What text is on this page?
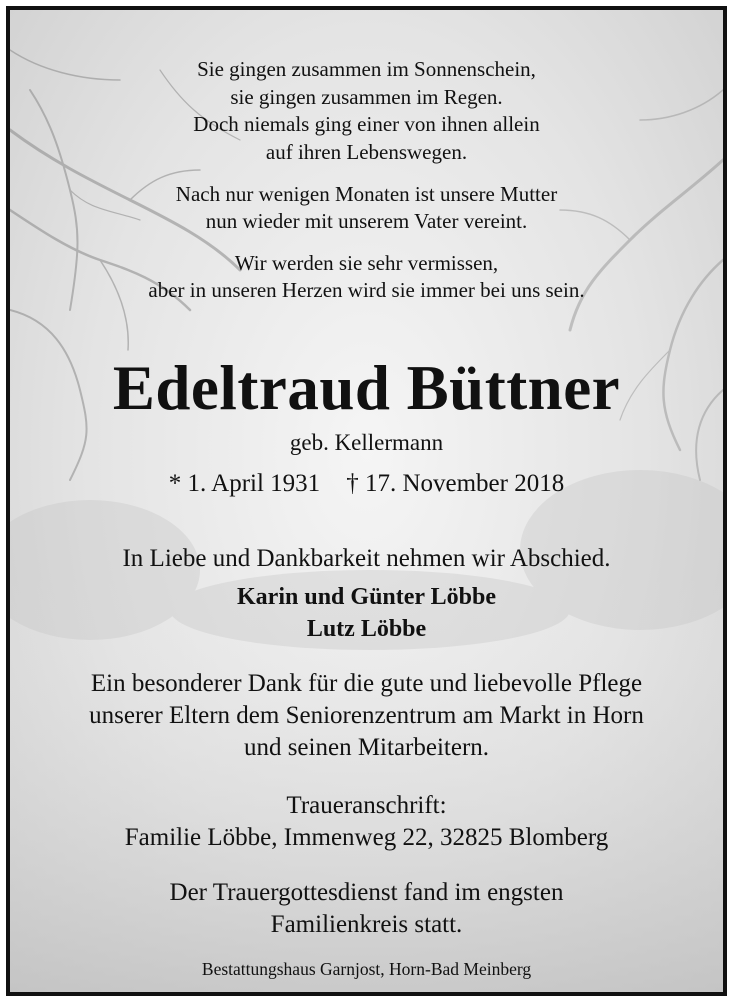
Sie gingen zusammen im Sonnenschein,
sie gingen zusammen im Regen.
Doch niemals ging einer von ihnen allein
auf ihren Lebenswegen.
Nach nur wenigen Monaten ist unsere Mutter
nun wieder mit unserem Vater vereint.
Wir werden sie sehr vermissen,
aber in unseren Herzen wird sie immer bei uns sein.
Edeltraud Büttner
geb. Kellermann
* 1. April 1931 † 17. November 2018
In Liebe und Dankbarkeit nehmen wir Abschied.
Karin und Günter Löbbe
Lutz Löbbe
Ein besonderer Dank für die gute und liebevolle Pflege
unserer Eltern dem Seniorenzentrum am Markt in Horn
und seinen Mitarbeitern.
Traueranschrift:
Familie Löbbe, Immenweg 22, 32825 Blomberg
Der Trauergottesdienst fand im engsten
Familienkreis statt.
Bestattungshaus Garnjost, Horn-Bad Meinberg
